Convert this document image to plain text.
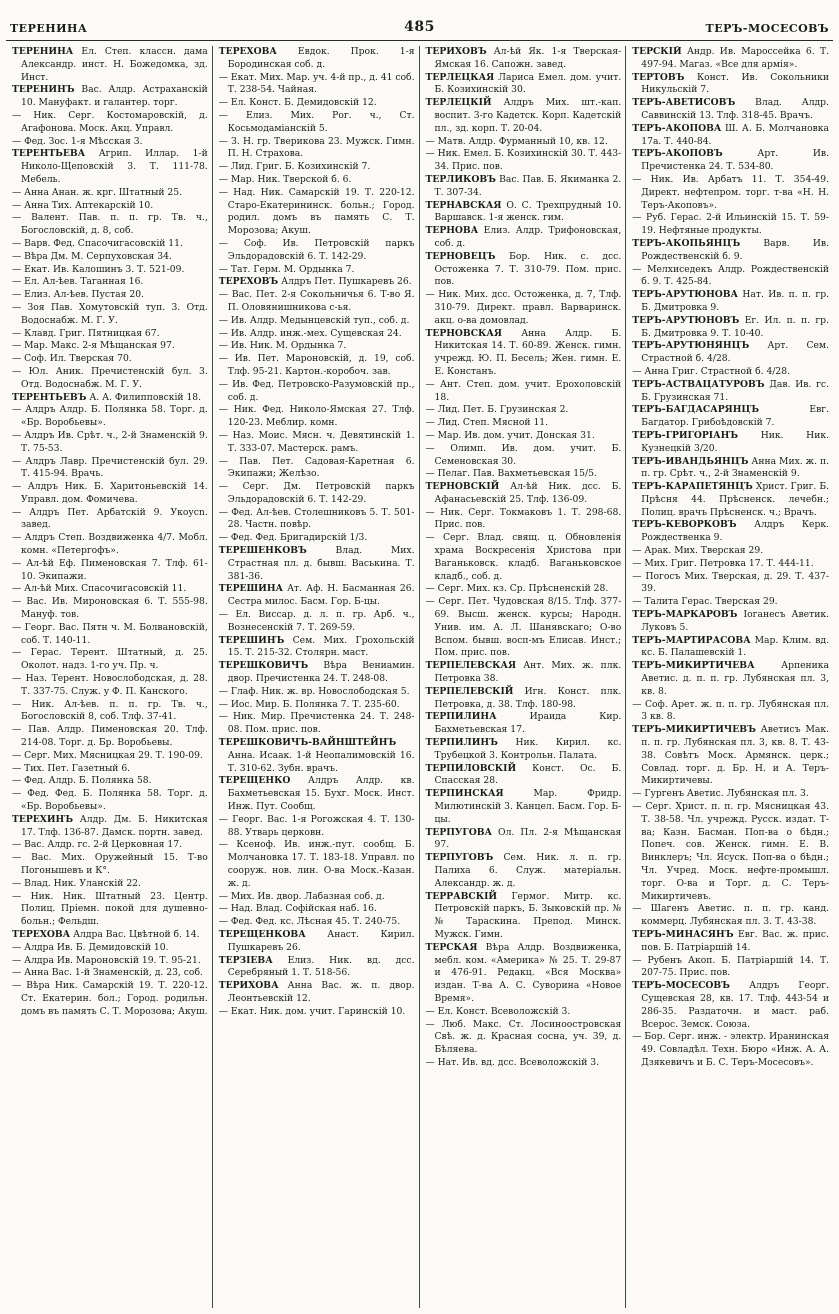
ТЕРЕНИНА	485	ТЕРЪ-МОСЕСОВЪ
ТЕРЕНИНА Ел. Степ. классн. дама Александр. инст. Н. Божедомка, зд. Инст.
ТЕРЕНИНЪ Вас. Алдр. Астраханскій 10. Мануфакт. и галантер. торг.
— Ник. Серг. Костомаровскій, д. Агафонова. Моск. Акц. Управл.
— Фед. Зос. 1-я Мѣсская 3.
ТЕРЕНТЬЕВА Агрип. Иллар. 1-й Николо-Щеповскій 3. Т. 111-78. Мебель.
— Анна Анан. ж. крг. Штатный 25.
— Анна Тих. Аптекарскій 10.
— Валент. Пав. п. п. гр. Тв. ч., Богословскій, д. 8, соб.
— Варв. Фед. Спасочигасовскій 11.
— Вѣра Дм. М. Серпуховская 34.
— Екат. Ив. Калошинъ 3. Т. 521-09.
— Ел. Ал-ѣев. Таганная 16.
— Елиз. Ал-ѣев. Пустая 20.
— Зоя Пав. Хомутовскій туп. 3. Отд. Водоснабж. М. Г. У.
— Клавд. Григ. Пятницкая 67.
— Мар. Макс. 2-я Мѣщанская 97.
— Соф. Ил. Тверская 70.
— Юл. Аник. Пречистенскій бул. 3. Отд. Водоснабж. М. Г. У.
ТЕРЕНТЬЕВЪ А. А. Филипповскій 18.
— Алдръ Алдр. Б. Полянка 58. Торг. д. «Бр. Воробьевы».
— Алдръ Ив. Срѣт. ч., 2-й Знаменскій 9. Т. 75-53.
— Алдръ Лавр. Пречистенскій бул. 29. Т. 415-94. Врачь.
— Алдръ Ник. Б. Харитоньевскій 14. Управл. дом. Фомичева.
— Алдръ Пет. Арбатскій 9. Укоуcn. завед.
— Алдръ Степ. Воздвиженка 4/7. Мобл. комн. «Петергофъ».
— Ал-ѣй Еф. Пименовская 7. Тлф. 61-10. Экипажи.
— Ал-ѣй Мих. Спасочигасовскій 11.
— Вас. Ив. Мироновская 6. Т. 555-98. Мануф. тов.
— Георг. Вас. Пятн ч. М. Болвановскій, соб. Т. 140-11.
— Герас. Терент. Штатный, д. 25. Околот. надз. 1-го уч. Пр. ч.
— Наз. Терент. Новослободская, д. 28. Т. 337-75. Служ. у Ф. П. Канского.
— Ник. Ал-ѣев. п. п. гр. Тв. ч., Богословскій 8, соб. Тлф. 37-41.
— Пав. Алдр. Пименовская 20. Тлф. 214-08. Торг. д. Бр. Воробьевы.
— Серг. Мих. Мясницкая 29. Т. 190-09.
— Тих. Пет. Газетный 6.
— Фед. Алдр. Б. Полянка 58.
— Фед. Фед. Б. Полянка 58. Торг. д. «Бр. Воробьевы».
ТЕРЕХИНЪ Алдр. Дм. Б. Никитская 17. Тлф. 136-87. Дамск. портн. завед.
— Вас. Алдр. гс. 2-й Церковная 17.
— Вас. Мих. Оружейный 15. Т-во Погонышевъ и К°.
— Влад. Ник. Уланскій 22.
— Ник. Ник. Штатный 23. Центр. Полиц. Пріемн. покой для душевно-больн.; Фельдш.
ТЕРЕХОВА Алдра Вас. Цвѣтной б. 14.
— Алдра Ив. Б. Демидовскій 10.
— Алдра Ив. Мароновскій 19. Т. 95-21.
— Анна Вас. 1-й Знаменскій, д. 23, соб.
— Вѣра Ник. Самарскій 19. Т. 220-12. Ст. Екатерин. бол.; Город. родильн. домъ въ память С. Т. Морозова; Акуш.
ТЕРЕХОВА Евдок. Прок. 1-я Бородинская соб. д.
— Екат. Мих. Мар. уч. 4-й пр., д. 41 соб. Т. 238-54. Чайная.
— Ел. Конст. Б. Демидовскій 12.
— Елиз. Мих. Рог. ч., Ст. Косьмодаміанскій 5.
— З. Н. гр. Тверикова 23. Мужск. Гимн. П. Н. Страхова.
— Лид. Григ. Б. Козихинскій 7.
— Мар. Ник. Тверской б. 6.
— Над. Ник. Самарскій 19. Т. 220-12. Старо-Екатерининск. больн.; Город. родил. домъ въ память С. Т. Морозова; Акуш.
— Соф. Ив. Петровскій паркъ Эльдорадовскій 6. Т. 142-29.
— Тат. Герм. М. Ордынка 7.
ТЕРЕХОВЪ Алдръ Пет. Пушкаревъ 26.
— Вас. Пет. 2-я Сокольничья 6. Т-во Я. П. Оловянишникова с-ья.
— Ив. Алдр. Медынцевскій туп., соб. д.
— Ив. Алдр. инж.-мех. Сущевская 24.
— Ив. Ник. М. Ордынка 7.
— Ив. Пет. Мароновскій, д. 19, соб. Тлф. 95-21. Картон.-коробоч. зав.
— Ив. Фед. Петровско-Разумовскій пр., соб. д.
— Ник. Фед. Николо-Ямская 27. Тлф. 120-23. Меблир. комн.
— Наз. Моис. Мясн. ч. Девятинскій 1. Т. 333-07. Мастерск. рамъ.
— Пав. Пет. Садовая-Каретная 6. Экипажи; Желѣзо.
— Серг. Дм. Петровскій паркъ Эльдорадовскій 6. Т. 142-29.
— Фед. Ал-ѣев. Столешниковъ 5. Т. 501-28. Частн. повѣр.
— Фед. Фед. Бригадирскій 1/3.
ТЕРЕШЕНКОВЪ	Влад. Мих. Страстная пл. д. бывш. Васькина. Т. 381-36.
ТЕРЕШИНА Ат. Аф. Н. Басманная 26. Сестра милос. Басм. Гор. Б-цы.
— Ел. Виссар. д. л. п. гр. Арб. ч., Вознесенскій 7. Т. 269-59.
ТЕРЕШИНЪ Сем. Мих. Грохольскій 15. Т. 215-32. Столярн. маст.
ТЕРЕШКОВИЧЪ Вѣра Вениамин. двор. Пречистенка 24. Т. 248-08.
— Глаф. Ник. ж. вр. Новослободская 5.
— Иос. Мир. Б. Полянка 7. Т. 235-60.
— Ник. Мир. Пречистенка 24. Т. 248-08. Пом. прис. пов.
ТЕРЕШКОВИЧЪ-ВАЙНШТЕЙНЪ Анна. Исаак. 1-й Неопалимовскій 16. Т. 310-62. Зубн. врачъ.
ТЕРЕЩЕНКО Алдръ Алдр. кв. Бахметьевская 15. Бухг. Моск. Инст. Инж. Пут. Сообщ.
— Георг. Вас. 1-я Рогожская 4. Т. 130-88. Утварь церковн.
— Ксеноф. Ив. инж.-пут. сообщ. Б. Молчановка 17. Т. 183-18. Управл. по сооруж. нов. лин. О-ва Моск.-Казан. ж. д.
— Мих. Ив. двор. Лабазная соб. д.
— Над. Влад. Софійская наб. 16.
— Фед. Фед. кс. Лѣсная 45. Т. 240-75.
ТЕРЕЩЕНКОВА Анаст. Кирил. Пушкаревъ 26.
ТЕРЗІЕВА Елиз. Ник. вд. дсс. Серебряный 1. Т. 518-56.
ТЕРИХОВА Анна Вас. ж. п. двор. Леонтьевскій 12.
— Екат. Ник. дом. учит. Гаринскій 10.
ТЕРИХОВЪ Ал-ѣй Як. 1-я Тверская-Ямская 16. Сапожн. завед.
ТЕРЛЕЦКАЯ Лариса Емел. дом. учит. Б. Козихинскій 30.
ТЕРЛЕЦКІЙ Алдръ Мих. шт.-кап. воспит. 3-го Кадетск. Корп. Кадетскій пл., зд. корп. Т. 20-04.
— Матв. Алдр. Фурманный 10, кв. 12.
— Ник. Емел. Б. Козихинскій 30. Т. 443-34. Прис. пов.
ТЕРЛИКОВЪ Вас. Пав. Б. Якиманка 2. Т. 307-34.
ТЕРНАВСКАЯ О. С. Трехпрудный 10. Варшавск. 1-я женск. гим.
ТЕРНОВА Елиз. Алдр. Трифоновская, соб. д.
ТЕРНОВЕЦЪ Бор. Ник. с. дсс. Остоженка 7. Т. 310-79. Пом. прис. пов.
— Ник. Мих. дсс. Остоженка, д. 7, Тлф. 310-79. Директ. правл. Варваринск. акц. о-ва домовлад.
ТЕРНОВСКАЯ Анна Алдр. Б. Никитская 14. Т. 60-89. Женск. гимн. учрежд. Ю. П. Бесель; Жен. гимн. Е. Е. Констанъ.
— Ант. Степ. дом. учит. Ерохоловскій 18.
— Лид. Пет. Б. Грузинская 2.
— Лид. Степ. Мясной 11.
— Мар. Ив. дом. учит. Донская 31.
— Олимп. Ив. дом. учит. Б. Семеновская 30.
— Пелаг. Пав. Вахметьевская 15/5.
ТЕРНОВСКІЙ Ал-ѣй Ник. дсс. Б. Афанасьевскій 25. Тлф. 136-09.
— Ник. Серг. Токмаковъ 1. Т. 298-68. Прис. пов.
— Серг. Влад. свящ. ц. Обновленія храма Воскресенія Христова при Ваганьковск. кладб. Ваганьковское кладб., соб. д.
— Серг. Мих. кз. Ср. Прѣсненскій 28.
— Серг. Пет. Чудовская 8/15. Тлф. 377-69. Высш. женск. курсы; Народн. Унив. им. А. Л. Шанявскаго; О-во Вспом. бывш. восп-мъ Елисав. Инст.; Пом. прис. пов.
ТЕРПЕЛЕВСКАЯ Ант. Мих. ж. плк. Петровка 38.
ТЕРПЕЛЕВСКІЙ Игн. Конст. плк. Петровка, д. 38. Тлф. 180-98.
ТЕРПИЛИНА	Ираида Кир. Бахметьевская 17.
ТЕРПИЛИНЪ Ник. Кирил. кс. Трубецкой 3. Контрольн. Палата.
ТЕРПИЛОВСКІЙ Конст. Ос. Б. Спасская 28.
ТЕРПИНСКАЯ	Мар. Фридр. Милютинскій 3. Канцел. Басм. Гор. Б-цы.
ТЕРПУГОВА Ол. Пл. 2-я Мѣщанская 97.
ТЕРПУГОВЪ Сем. Ник. л. п. гр. Палиха 6. Служ. матеріальн. Александр. ж. д.
ТЕРРАВСКІЙ Гермог. Митр. кс. Петровскій паркъ, Б. Зыковскій пр. №№ Тараскина. Препод. Минск. Мужск. Гимн.
ТЕРСКАЯ Вѣра Алдр. Воздвиженка, мебл. ком. «Америка» № 25. Т. 29-87 и 476-91. Редакц. «Вся Москва» издан. Т-ва А. С. Суворина «Новое Время».
— Ел. Конст. Всеволожскій 3.
— Люб. Макс. Ст. Лосиноостровская Свѣ. ж. д. Красная сосна, уч. 39, д. Бѣляева.
— Нат. Ив. вд. дсс. Всеволожскій 3.
ТЕРСКІЙ Андр. Ив. Мароссейка 6. Т. 497-94. Магаз. «Все для армія».
ТЕРТОВЪ Конст. Ив. Сокольники Никульскій 7.
ТЕРЪ-АВЕТИСОВЪ Влад. Алдр. Саввинскій 13. Тлф. 318-45. Врачъ.
ТЕРЪ-АКОПОВА Ш. А. Б. Молчановка 17а. Т. 440-84.
ТЕРЪ-АКОПОВЪ	Арт. Ив. Пречистенка 24. Т. 534-80.
— Ник. Ив. Арбатъ 11. Т. 354-49. Директ. нефтепром. торг. т-ва «Н. Н. Теръ-Акоповъ».
— Руб. Герас. 2-й Ильинскій 15. Т. 59-19. Нефтяные продукты.
ТЕРЪ-АКОПЬЯНЦЪ	Варв. Ив. Рождественскій б. 9.
— Мелхиседекъ Алдр. Рождественскій б. 9. Т. 425-84.
ТЕРЪ-АРУТЮНОВА Нат. Ив. п. п. гр. Б. Дмитровка 9.
ТЕРЪ-АРУТЮНОВЪ Ег. Ил. п. п. гр. Б. Дмитровка 9. Т. 10-40.
ТЕРЪ-АРУТЮНЯНЦЪ Арт. Сем. Страстной б. 4/28.
— Анна Григ. Страстной б. 4/28.
ТЕРЪ-АСТВАЦАТУРОВЪ Дав. Ив. гс. Б. Грузинская 71.
ТЕРЪ-БАГДАСАРЯНЦЪ	Евг. Багдатор. Грибоѣдовскій 7.
ТЕРЪ-ГРИГОРІАНЪ Ник. Ник. Кузнецкій 3/20.
ТЕРЪ-ИВАНДЬЯНЦЪ Анна Мих. ж. п. п. гр. Срѣт. ч., 2-й Знаменскій 9.
ТЕРЪ-КАРАПЕТЯНЦЪ Христ. Григ. Б. Прѣсня 44. Прѣсненск. лечебн.; Полиц. врачъ Прѣсненск. ч.; Врачъ.
ТЕРЪ-КЕВОРКОВЪ Алдръ Керк. Рождественка 9.
— Арак. Мих. Тверская 29.
— Мих. Григ. Петровка 17. Т. 444-11.
— Погосъ Мих. Тверская, д. 29. Т. 437-39.
— Талита Герас. Тверская 29.
ТЕРЪ-МАРКАРОВЪ Іоганесъ Аветик. Луковъ 5.
ТЕРЪ-МАРТИРАСОВА Мар. Клим. вд. кс. Б. Палашевскій 1.
ТЕРЪ-МИКИРТИЧЕВА	Арпеника Аветис. д. п. п. гр. Лубянская пл. 3, кв. 8.
— Соф. Арет. ж. п. п. гр. Лубянская пл. 3 кв. 8.
ТЕРЪ-МИКИРТИЧЕВЪ Аветисъ Мак. п. п. гр. Лубянская пл. 3, кв. 8. Т. 43-38. Совѣтъ Моск. Армянск. церк.; Совлад. торг. д. Бр. Н. и А. Теръ-Микиртичевы.
— Гургенъ Аветис. Лубянская пл. 3.
— Серг. Христ. п. п. гр. Мясницкая 43. Т. 38-58. Чл. учрежд. Русск. издат. Т-ва; Казн. Басман. Поп-ва о бѣдн.; Попеч. сов. Женск. гимн. Е. В. Винклеръ; Чл. Ясуск. Поп-ва о бѣдн.; Чл. Учред. Моск. нефте-промышл. торг. О-ва и Торг. д. С. Теръ-Микиртичевъ.
— Шагенъ Аветис. п. п. гр. канд. коммерц. Лубянская пл. 3. Т. 43-38.
ТЕРЪ-МИНАСЯНЪ Евг. Вас. ж. прис. пов. Б. Патріаршій 14.
— Рубенъ Акоп. Б. Патріаршій 14. Т. 207-75. Прис. пов.
ТЕРЪ-МОСЕСОВЪ Алдръ Георг. Сущевская 28, кв. 17. Тлф. 443-54 и 286-35. Раздаточн. и маст. раб. Всерос. Земск. Союза.
— Бор. Серг. инж. - электр. Иранинская 49. Совладѣл. Техн. Бюро «Инж. А. А. Дзякевичъ и Б. С. Теръ-Мосесовъ».
